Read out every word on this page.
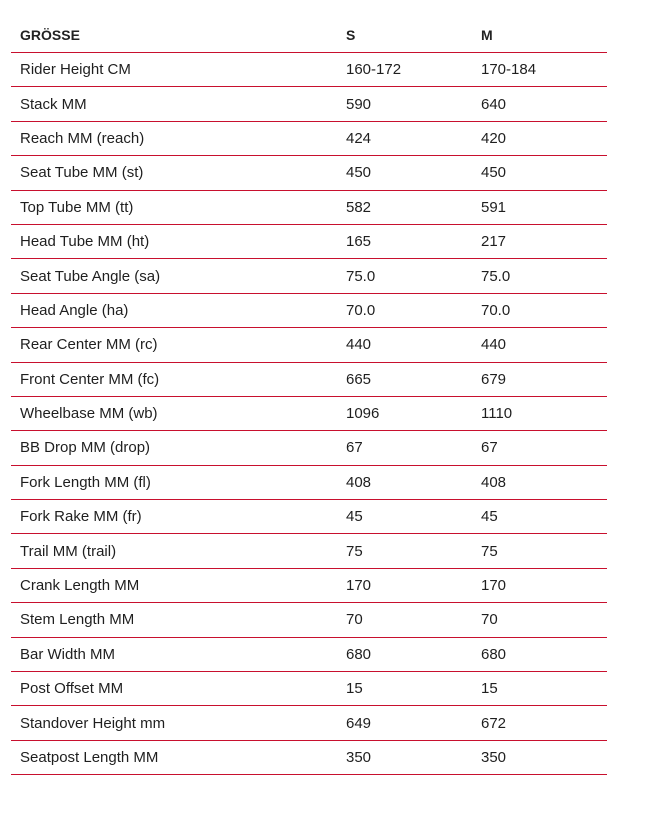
GRÖSSE	S	M
Rider Height CM	160-172	170-184
Stack MM	590	640
Reach MM (reach)	424	420
Seat Tube MM (st)	450	450
Top Tube MM (tt)	582	591
Head Tube MM (ht)	165	217
Seat Tube Angle (sa)	75.0	75.0
Head Angle (ha)	70.0	70.0
Rear Center MM (rc)	440	440
Front Center MM (fc)	665	679
Wheelbase MM (wb)	1096	1110
BB Drop MM (drop)	67	67
Fork Length MM (fl)	408	408
Fork Rake MM (fr)	45	45
Trail MM (trail)	75	75
Crank Length MM	170	170
Stem Length MM	70	70
Bar Width MM	680	680
Post Offset MM	15	15
Standover Height mm	649	672
Seatpost Length MM	350	350
